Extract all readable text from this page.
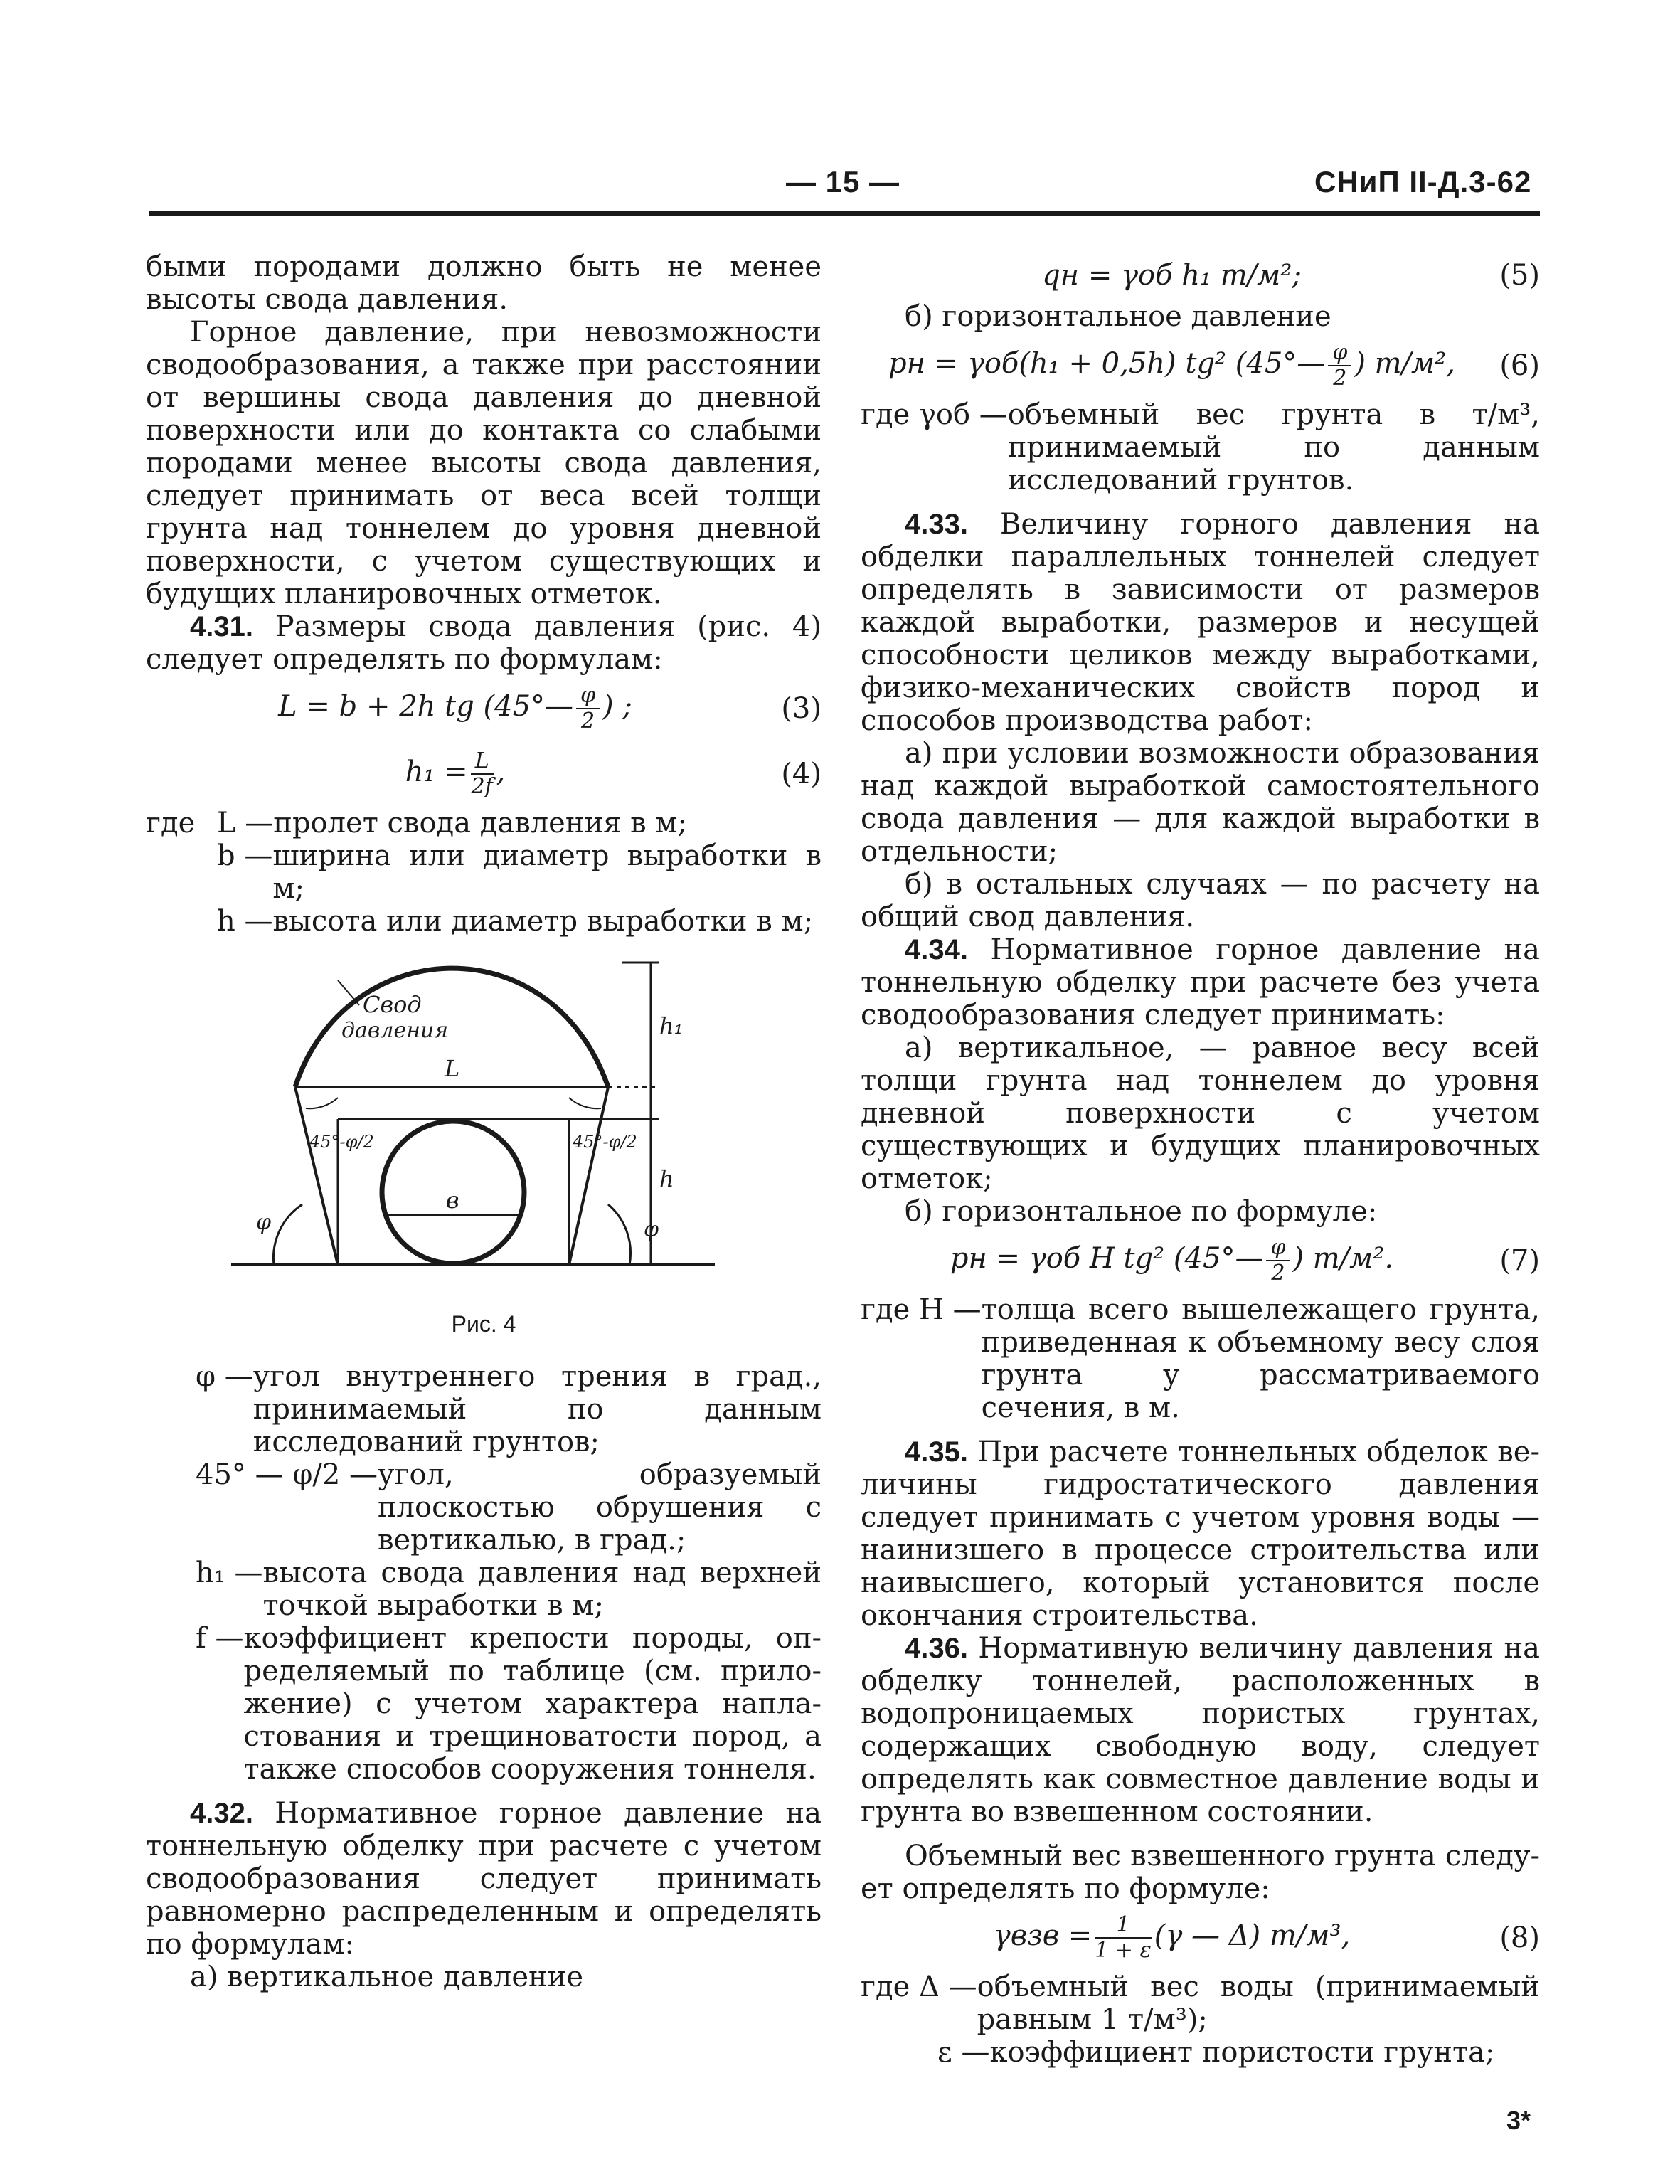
— 15 —	СНиП II-Д.3-62

быми породами должно быть не менее высоты свода давления.

Горное давление, при невозможности сводообразования, а также при расстоянии от вершины свода давления до дневной поверхности или до контакта со слабыми породами менее высоты свода давления, следует принимать от веса всей толщи грунта над тоннелем до уровня дневной поверхности, с учетом существующих и будущих планировочных отметок.

4.31. Размеры свода давления (рис. 4) следует определять по формулам:

L = b + 2h tg (45°— $\frac{\varphi}{2}$ ) ;	(3)
$h_1 = \frac{L}{2f}$ ,	(4)
где L — пролет свода давления в м;
b — ширина или диаметр выработки в м;
h — высота или диаметр выработки в м;
Свод
давления
L
в
h₁
h
45°-φ/2	45°-φ/2
φ	φ
Рис. 4
φ — угол внутреннего трения в град., принимаемый по данным исследований грунтов;
45° — φ/2 — угол, образуемый плоскостью обрушения с вертикалью, в град.;
h₁ — высота свода давления над верхней точкой выработки в м;
f — коэффициент крепости породы, определяемый по таблице (см. приложение) с учетом характера напластования и трещиноватости пород, а также способов сооружения тоннеля.

4.32. Нормативное горное давление на тоннельную обделку при расчете с учетом сводообразования следует принимать равномерно распределенным и определять по формулам:

а) вертикальное давление

qн = γоб h₁ т/м²;	(5)

б) горизонтальное давление

pн = γоб(h₁ + 0,5h) tg² (45°— $\frac{\varphi}{2}$ ) т/м²,	(6)
где γоб — объемный вес грунта в т/м³, принимаемый по данным исследований грунтов.

4.33. Величину горного давления на обделки параллельных тоннелей следует определять в зависимости от размеров каждой выработки, размеров и несущей способности целиков между выработками, физико-механических свойств пород и способов производства работ:

а) при условии возможности образования над каждой выработкой самостоятельного свода давления — для каждой выработки в отдельности;

б) в остальных случаях — по расчету на общий свод давления.

4.34. Нормативное горное давление на тоннельную обделку при расчете без учета сводообразования следует принимать:

а) вертикальное, — равное весу всей толщи грунта над тоннелем до уровня дневной поверхности с учетом существующих и будущих планировочных отметок;

б) горизонтальное по формуле:

pн = γоб H tg² (45°— $\frac{\varphi}{2}$ ) т/м².	(7)
где H — толща всего вышележащего грунта, приведенная к объемному весу слоя грунта у рассматриваемого сечения, в м.

4.35. При расчете тоннельных обделок величины гидростатического давления следует принимать с учетом уровня воды — наинизшего в процессе строительства или наивысшего, который установится после окончания строительства.

4.36. Нормативную величину давления на обделку тоннелей, расположенных в водопроницаемых пористых грунтах, содержащих свободную воду, следует определять как совместное давление воды и грунта во взвешенном состоянии.

Объемный вес взвешенного грунта следует определять по формуле:

$\gamma взв = \frac{1}{1 + \varepsilon} (\gamma$ — Δ) т/м³,	(8)
где Δ — объемный вес воды (принимаемый равным 1 т/м³);
ε — коэффициент пористости грунта;
3*
